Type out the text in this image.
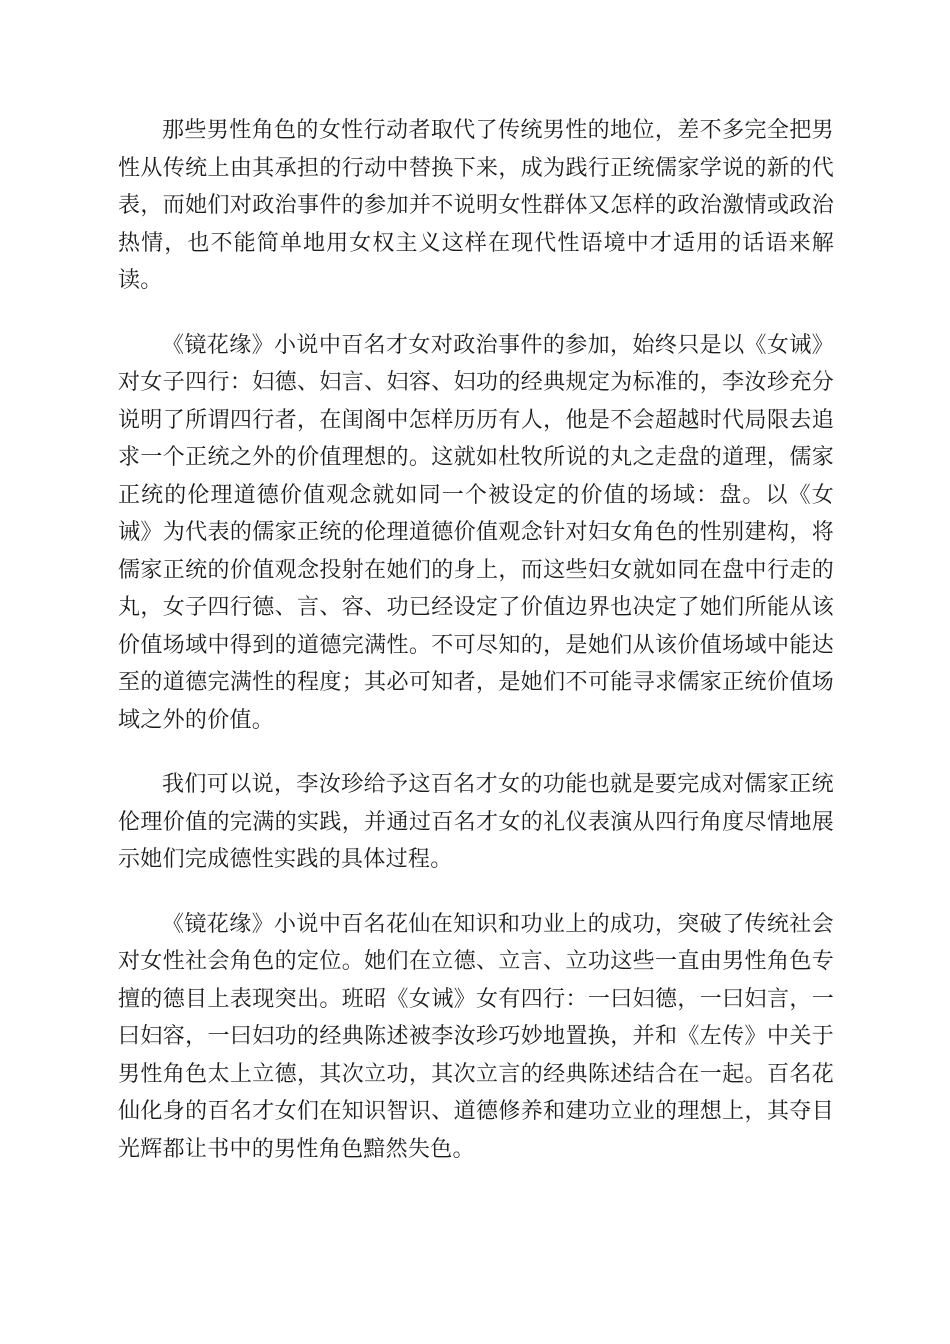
那些男性角色的女性行动者取代了传统男性的地位，差不多完全把男性从传统上由其承担的行动中替换下来，成为践行正统儒家学说的新的代表，而她们对政治事件的参加并不说明女性群体又怎样的政治激情或政治热情，也不能简单地用女权主义这样在现代性语境中才适用的话语来解读。

《镜花缘》小说中百名才女对政治事件的参加，始终只是以《女诫》对女子四行：妇德、妇言、妇容、妇功的经典规定为标准的，李汝珍充分说明了所谓四行者，在闺阁中怎样历历有人，他是不会超越时代局限去追求一个正统之外的价值理想的。这就如杜牧所说的丸之走盘的道理，儒家正统的伦理道德价值观念就如同一个被设定的价值的场域：盘。以《女诫》为代表的儒家正统的伦理道德价值观念针对妇女角色的性别建构，将儒家正统的价值观念投射在她们的身上，而这些妇女就如同在盘中行走的丸，女子四行德、言、容、功已经设定了价值边界也决定了她们所能从该价值场域中得到的道德完满性。不可尽知的，是她们从该价值场域中能达至的道德完满性的程度；其必可知者，是她们不可能寻求儒家正统价值场域之外的价值。

我们可以说，李汝珍给予这百名才女的功能也就是要完成对儒家正统伦理价值的完满的实践，并通过百名才女的礼仪表演从四行角度尽情地展示她们完成德性实践的具体过程。

《镜花缘》小说中百名花仙在知识和功业上的成功，突破了传统社会对女性社会角色的定位。她们在立德、立言、立功这些一直由男性角色专擅的德目上表现突出。班昭《女诫》女有四行：一曰妇德，一曰妇言，一曰妇容，一曰妇功的经典陈述被李汝珍巧妙地置换，并和《左传》中关于男性角色太上立德，其次立功，其次立言的经典陈述结合在一起。百名花仙化身的百名才女们在知识智识、道德修养和建功立业的理想上，其夺目光辉都让书中的男性角色黯然失色。
